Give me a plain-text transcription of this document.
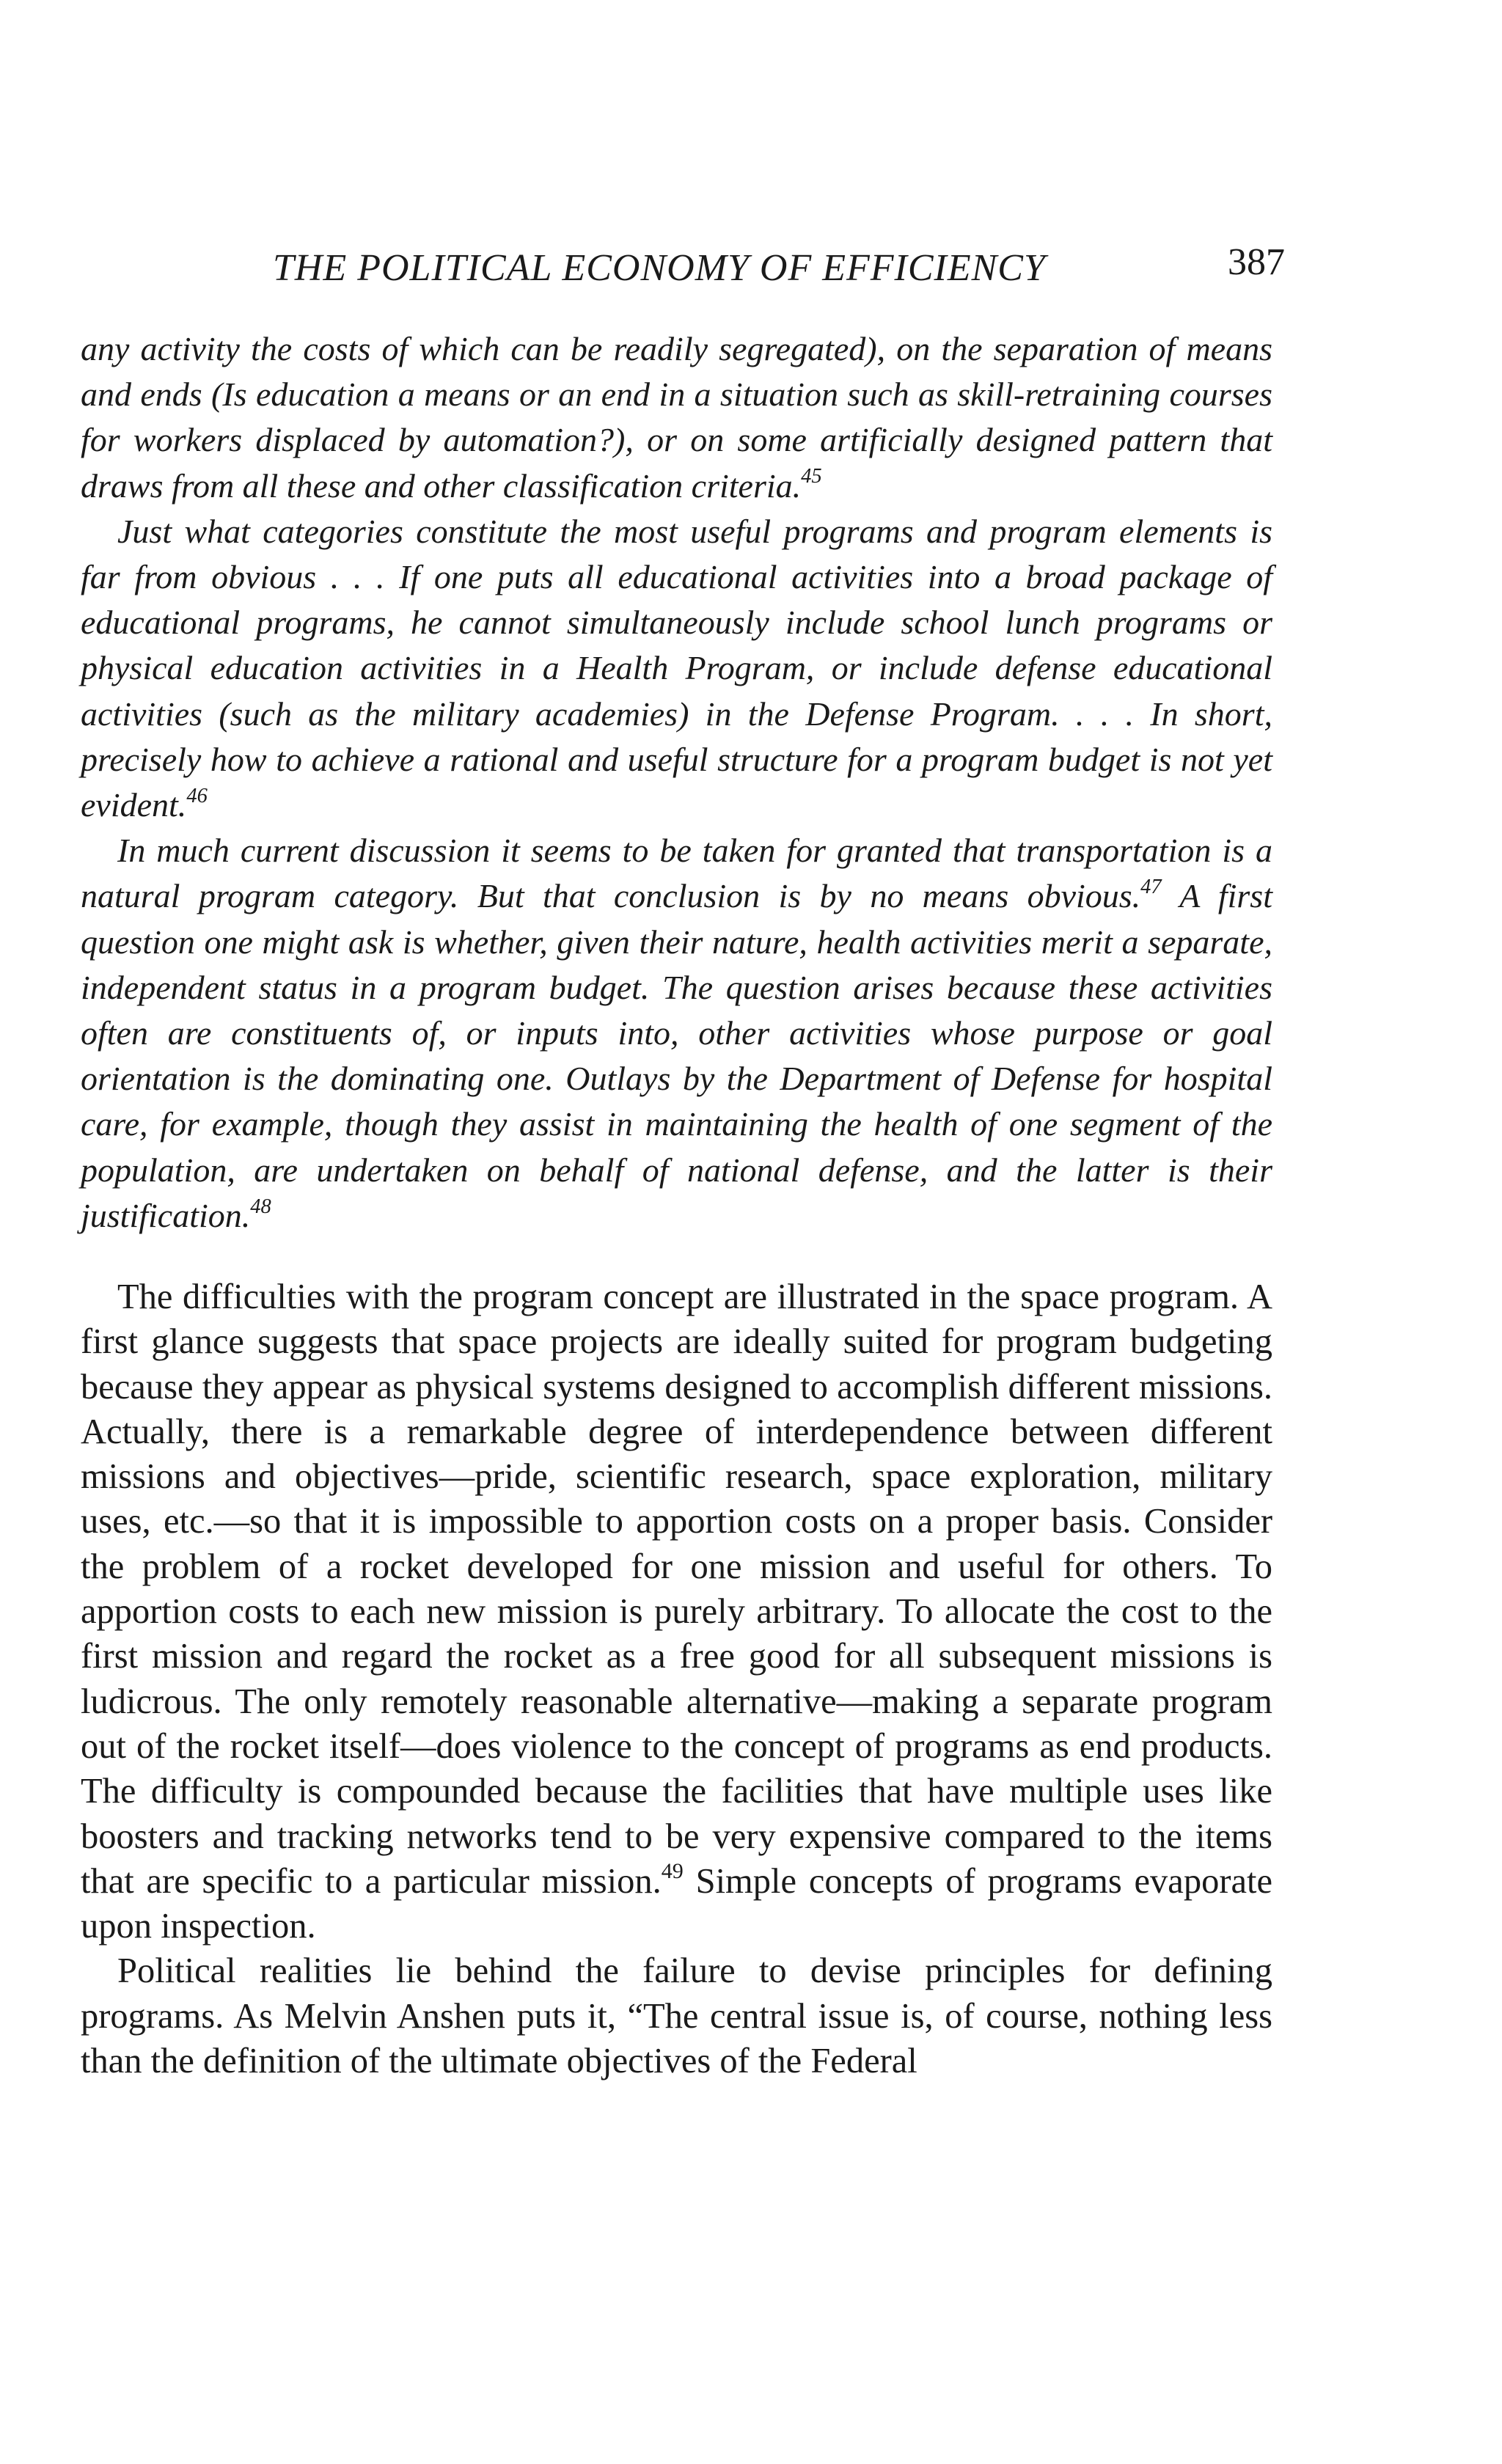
THE POLITICAL ECONOMY OF EFFICIENCY	387

any activity the costs of which can be readily segregated), on the separation of means and ends (Is education a means or an end in a situation such as skill-retraining courses for workers displaced by automation?), or on some artificially designed pattern that draws from all these and other classification criteria.$^{45}$

Just what categories constitute the most useful programs and program elements is far from obvious . . . If one puts all educational activities into a broad package of educational programs, he cannot simultaneously include school lunch programs or physical education activities in a Health Program, or include defense educational activities (such as the military academies) in the Defense Program. . . . In short, precisely how to achieve a rational and useful structure for a program budget is not yet evident.$^{46}$

In much current discussion it seems to be taken for granted that transportation is a natural program category. But that conclusion is by no means obvious.$^{47}$ A first question one might ask is whether, given their nature, health activities merit a separate, independent status in a program budget. The question arises because these activities often are constituents of, or inputs into, other activities whose purpose or goal orientation is the dominating one. Outlays by the Department of Defense for hospital care, for example, though they assist in maintaining the health of one segment of the population, are undertaken on behalf of national defense, and the latter is their justification.$^{48}$

The difficulties with the program concept are illustrated in the space program. A first glance suggests that space projects are ideally suited for program budgeting because they appear as physical systems designed to accomplish different missions. Actually, there is a remarkable degree of interdependence between different missions and objectives—pride, scientific research, space exploration, military uses, etc.—so that it is impossible to apportion costs on a proper basis. Consider the problem of a rocket developed for one mission and useful for others. To apportion costs to each new mission is purely arbitrary. To allocate the cost to the first mission and regard the rocket as a free good for all subsequent missions is ludicrous. The only remotely reasonable alternative—making a separate program out of the rocket itself—does violence to the concept of programs as end products. The difficulty is compounded because the facilities that have multiple uses like boosters and tracking networks tend to be very expensive compared to the items that are specific to a particular mission.$^{49}$ Simple concepts of programs evaporate upon inspection.

Political realities lie behind the failure to devise principles for defining programs. As Melvin Anshen puts it, “The central issue is, of course, nothing less than the definition of the ultimate objectives of the Federal
